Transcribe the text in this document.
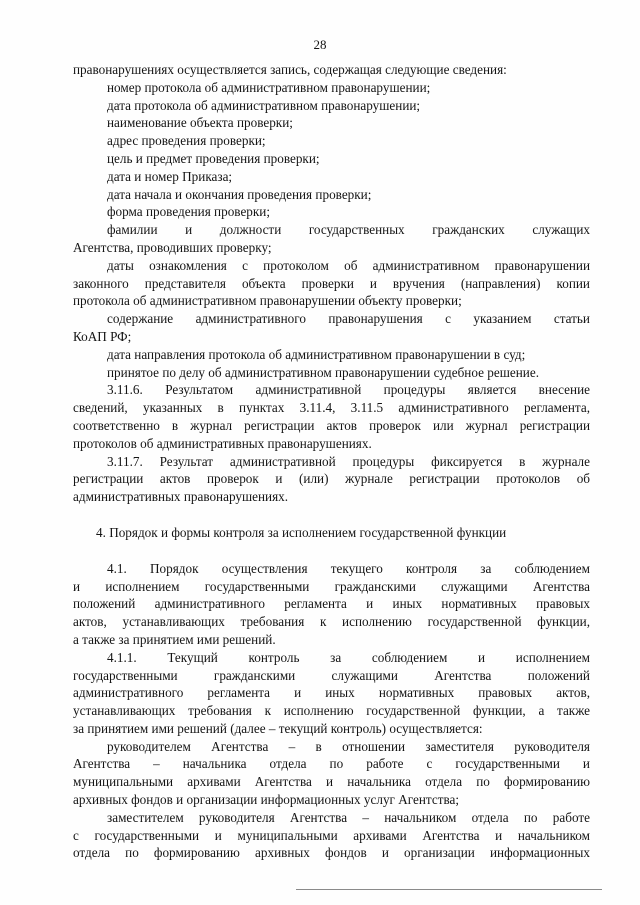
28
правонарушениях осуществляется запись, содержащая следующие сведения:
номер протокола об административном правонарушении;
дата протокола об административном правонарушении;
наименование объекта проверки;
адрес проведения проверки;
цель и предмет проведения проверки;
дата и номер Приказа;
дата начала и окончания проведения проверки;
форма проведения проверки;
фамилии и должности государственных гражданских служащих
Агентства, проводивших проверку;
даты ознакомления с протоколом об административном правонарушении
законного представителя объекта проверки и вручения (направления) копии
протокола об административном правонарушении объекту проверки;
содержание административного правонарушения с указанием статьи
КоАП РФ;
дата направления протокола об административном правонарушении в суд;
принятое по делу об административном правонарушении судебное решение.
3.11.6. Результатом административной процедуры является внесение
сведений, указанных в пунктах 3.11.4, 3.11.5 административного регламента,
соответственно в журнал регистрации актов проверок или журнал регистрации
протоколов об административных правонарушениях.
3.11.7. Результат административной процедуры фиксируется в журнале
регистрации актов проверок и (или) журнале регистрации протоколов об
административных правонарушениях.
4. Порядок и формы контроля за исполнением государственной функции
4.1. Порядок осуществления текущего контроля за соблюдением
и исполнением государственными гражданскими служащими Агентства
положений административного регламента и иных нормативных правовых
актов, устанавливающих требования к исполнению государственной функции,
а также за принятием ими решений.
4.1.1. Текущий контроль за соблюдением и исполнением
государственными гражданскими служащими Агентства положений
административного регламента и иных нормативных правовых актов,
устанавливающих требования к исполнению государственной функции, а также
за принятием ими решений (далее – текущий контроль) осуществляется:
руководителем Агентства – в отношении заместителя руководителя
Агентства – начальника отдела по работе с государственными и
муниципальными архивами Агентства и начальника отдела по формированию
архивных фондов и организации информационных услуг Агентства;
заместителем руководителя Агентства – начальником отдела по работе
с государственными и муниципальными архивами Агентства и начальником
отдела по формированию архивных фондов и организации информационных
